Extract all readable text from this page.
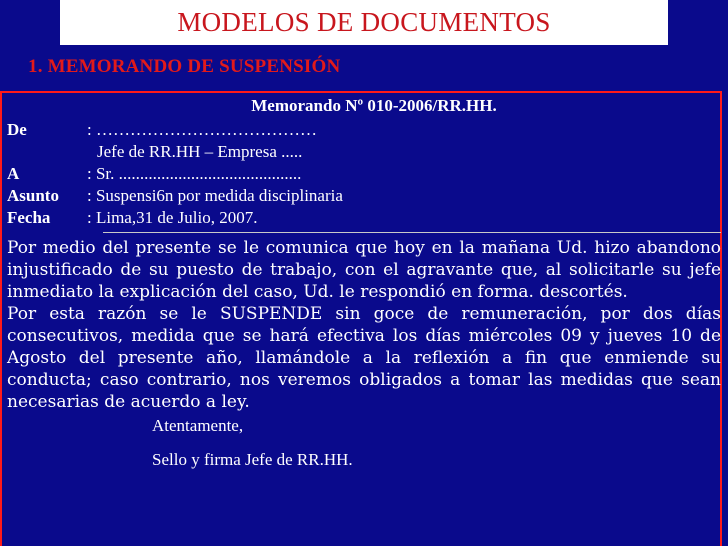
MODELOS DE DOCUMENTOS
1. MEMORANDO DE SUSPENSIÓN

Memorando Nº 010-2006/RR.HH.

De	: …………………………………
	Jefe de RR.HH – Empresa .....
A	: Sr. ...........................................
Asunto	: Suspensi6n por medida disciplinaria
Fecha	: Lima,31 de Julio, 2007.

Por medio del presente se le comunica que hoy en la mañana Ud. hizo abandono injustificado de su puesto de trabajo, con el agravante que, al solicitarle su jefe inmediato la explicación del caso, Ud. le respondió en forma. descortés.

Por esta razón se le SUSPENDE sin goce de remuneración, por dos días consecutivos, medida que se hará efectiva los días miércoles 09 y jueves 10 de Agosto del presente año, llamándole a la reflexión a fin que enmiende su conducta; caso contrario, nos veremos obligados a tomar las medidas que sean necesarias de acuerdo a ley.

Atentamente,
Sello y firma Jefe de RR.HH.
